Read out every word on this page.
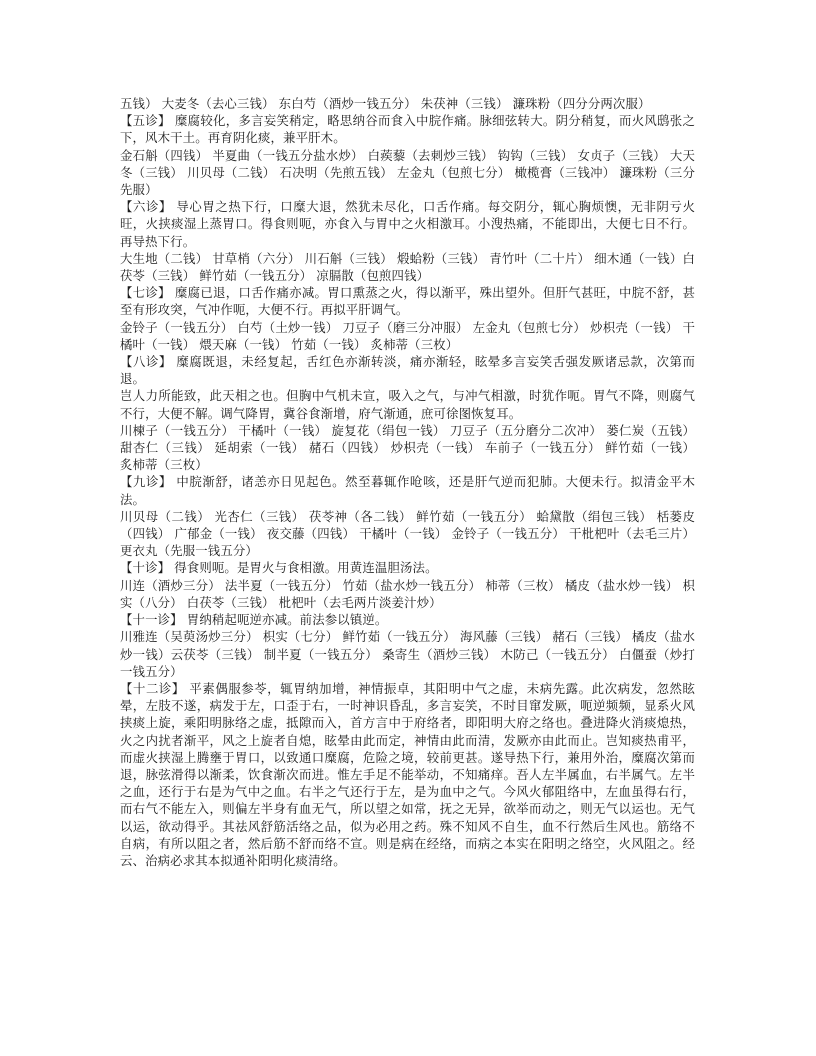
五钱） 大麦冬（去心三钱） 东白芍（酒炒一钱五分） 朱茯神（三钱） 濂珠粉（四分分两次服）

【五诊】 糜腐较化，多言妄笑稍定，略思纳谷而食入中脘作痛。脉细弦转大。阴分稍复，而火风鸱张之下，风木干土。再育阴化痰，兼平肝木。

金石斛（四钱） 半夏曲（一钱五分盐水炒） 白蒺藜（去刺炒三钱） 钩钩（三钱） 女贞子（三钱） 大天冬（三钱） 川贝母（二钱） 石决明（先煎五钱） 左金丸（包煎七分） 橄榄膏（三钱冲） 濂珠粉（三分先服）

【六诊】 导心胃之热下行，口糜大退，然犹未尽化，口舌作痛。每交阴分，辄心胸烦懊，无非阴亏火旺，火挟痰湿上蒸胃口。得食则呃，亦食入与胃中之火相激耳。小溲热痛，不能即出，大便七日不行。再导热下行。

大生地（二钱） 甘草梢（六分） 川石斛（三钱） 煅蛤粉（三钱） 青竹叶（二十片） 细木通（一钱）白茯苓（三钱） 鲜竹茹（一钱五分） 凉膈散（包煎四钱）

【七诊】 糜腐已退，口舌作痛亦减。胃口熏蒸之火，得以渐平，殊出望外。但肝气甚旺，中脘不舒，甚至有形攻突，气冲作呃，大便不行。再拟平肝调气。

金铃子（一钱五分） 白芍（土炒一钱） 刀豆子（磨三分冲服） 左金丸（包煎七分） 炒枳壳（一钱） 干橘叶（一钱） 煨天麻（一钱） 竹茹（一钱） 炙柿蒂（三枚）

【八诊】 糜腐既退，未经复起，舌红色亦渐转淡，痛亦渐轻，眩晕多言妄笑舌强发厥诸忌款，次第而退。

岂人力所能致，此天相之也。但胸中气机未宣，吸入之气，与冲气相激，时犹作呃。胃气不降，则腐气不行，大便不解。调气降胃，冀谷食渐增，府气渐通，庶可徐图恢复耳。

川楝子（一钱五分） 干橘叶（一钱） 旋复花（绢包一钱） 刀豆子（五分磨分二次冲） 蒌仁炭（五钱） 甜杏仁（三钱） 延胡索（一钱） 赭石（四钱） 炒枳壳（一钱） 车前子（一钱五分） 鲜竹茹（一钱） 炙柿蒂（三枚）

【九诊】 中脘渐舒，诸恙亦日见起色。然至暮辄作呛咳，还是肝气逆而犯肺。大便未行。拟清金平木法。

川贝母（二钱） 光杏仁（三钱） 茯苓神（各二钱） 鲜竹茹（一钱五分） 蛤黛散（绢包三钱） 栝蒌皮（四钱） 广郁金（一钱） 夜交藤（四钱） 干橘叶（一钱） 金铃子（一钱五分） 干枇杷叶（去毛三片） 更衣丸（先服一钱五分）

【十诊】 得食则呃。是胃火与食相激。用黄连温胆汤法。

川连（酒炒三分） 法半夏（一钱五分） 竹茹（盐水炒一钱五分） 柿蒂（三枚） 橘皮（盐水炒一钱） 枳实（八分） 白茯苓（三钱） 枇杷叶（去毛两片淡姜汁炒）

【十一诊】 胃纳稍起呃逆亦减。前法参以镇逆。

川雅连（吴萸汤炒三分） 枳实（七分） 鲜竹茹（一钱五分） 海风藤（三钱） 赭石（三钱） 橘皮（盐水炒一钱）云茯苓（三钱） 制半夏（一钱五分） 桑寄生（酒炒三钱） 木防己（一钱五分） 白僵蚕（炒打一钱五分）

【十二诊】 平素偶服参苓，辄胃纳加增，神情振卓，其阳明中气之虚，未病先露。此次病发，忽然眩晕，左肢不遂，病发于左，口歪于右，一时神识昏乱，多言妄笑，不时目窜发厥，呃逆频频，显系火风挟痰上旋，乘阳明脉络之虚，抵隙而入，首方言中于府络者，即阳明大府之络也。叠进降火消痰熄热，火之内扰者渐平，风之上旋者自熄，眩晕由此而定，神情由此而清，发厥亦由此而止。岂知痰热甫平，而虚火挟湿上腾壅于胃口，以致通口糜腐，危险之境，较前更甚。遂导热下行，兼用外治，糜腐次第而退，脉弦滑得以渐柔，饮食渐次而进。惟左手足不能举动，不知痛痒。吾人左半属血，右半属气。左半之血，还行于右是为气中之血。右半之气还行于左，是为血中之气。今风火郁阻络中，左血虽得右行，而右气不能左入，则偏左半身有血无气，所以望之如常，抚之无异，欲举而动之，则无气以运也。无气以运，欲动得乎。其祛风舒筋活络之品，似为必用之药。殊不知风不自生，血不行然后生风也。筋络不自病，有所以阻之者，然后筋不舒而络不宣。则是病在经络，而病之本实在阳明之络空，火风阻之。经云、治病必求其本拟通补阳明化痰清络。
